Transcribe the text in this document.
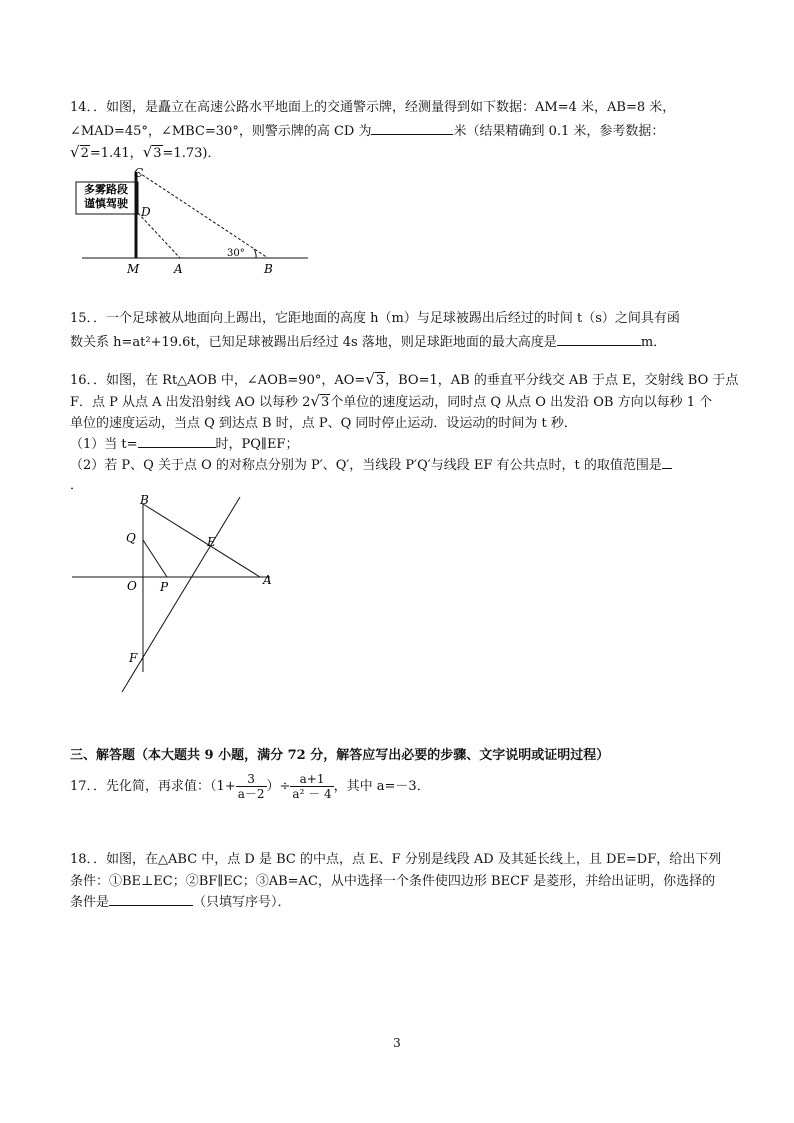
14．．如图，是矗立在高速公路水平地面上的交通警示牌，经测量得到如下数据：AM=4 米，AB=8 米，
∠MAD=45°，∠MBC=30°，则警示牌的高 CD 为	米（结果精确到 0.1 米，参考数据：
√2=1.41，√3=1.73)．
多雾路段
谨慎驾驶
C
D
M	A	B
30°
15．．一个足球被从地面向上踢出，它距地面的高度 h（m）与足球被踢出后经过的时间 t（s）之间具有函
数关系 h=at²+19.6t，已知足球被踢出后经过 4s 落地，则足球距地面的最大高度是	m．
16．．如图，在 Rt△AOB 中，∠AOB=90°，AO=√3，BO=1，AB 的垂直平分线交 AB 于点 E，交射线 BO 于点
F．点 P 从点 A 出发沿射线 AO 以每秒 2√3个单位的速度运动，同时点 Q 从点 O 出发沿 OB 方向以每秒 1 个
单位的速度运动，当点 Q 到达点 B 时，点 P、Q 同时停止运动．设运动的时间为 t 秒．
（1）当 t=	时，PQ∥EF；
（2）若 P、Q 关于点 O 的对称点分别为 P′、Q′，当线段 P′Q′与线段 EF 有公共点时，t 的取值范围是
．
B
Q	E
O P	A
F
三、解答题（本大题共 9 小题，满分 72 分，解答应写出必要的步骤、文字说明或证明过程）
17．．先化简，再求值：（$1+ \frac{3}{a-2}$ ）÷ $\frac{a+1}{\text{a² － 4}}$ ，其中 a=－3．
18．．如图，在△ABC 中，点 D 是 BC 的中点，点 E、F 分别是线段 AD 及其延长线上，且 DE=DF，给出下列
条件：①BE⊥EC；②BF∥EC；③AB=AC，从中选择一个条件使四边形 BECF 是菱形，并给出证明，你选择的
条件是	（只填写序号）．
3
